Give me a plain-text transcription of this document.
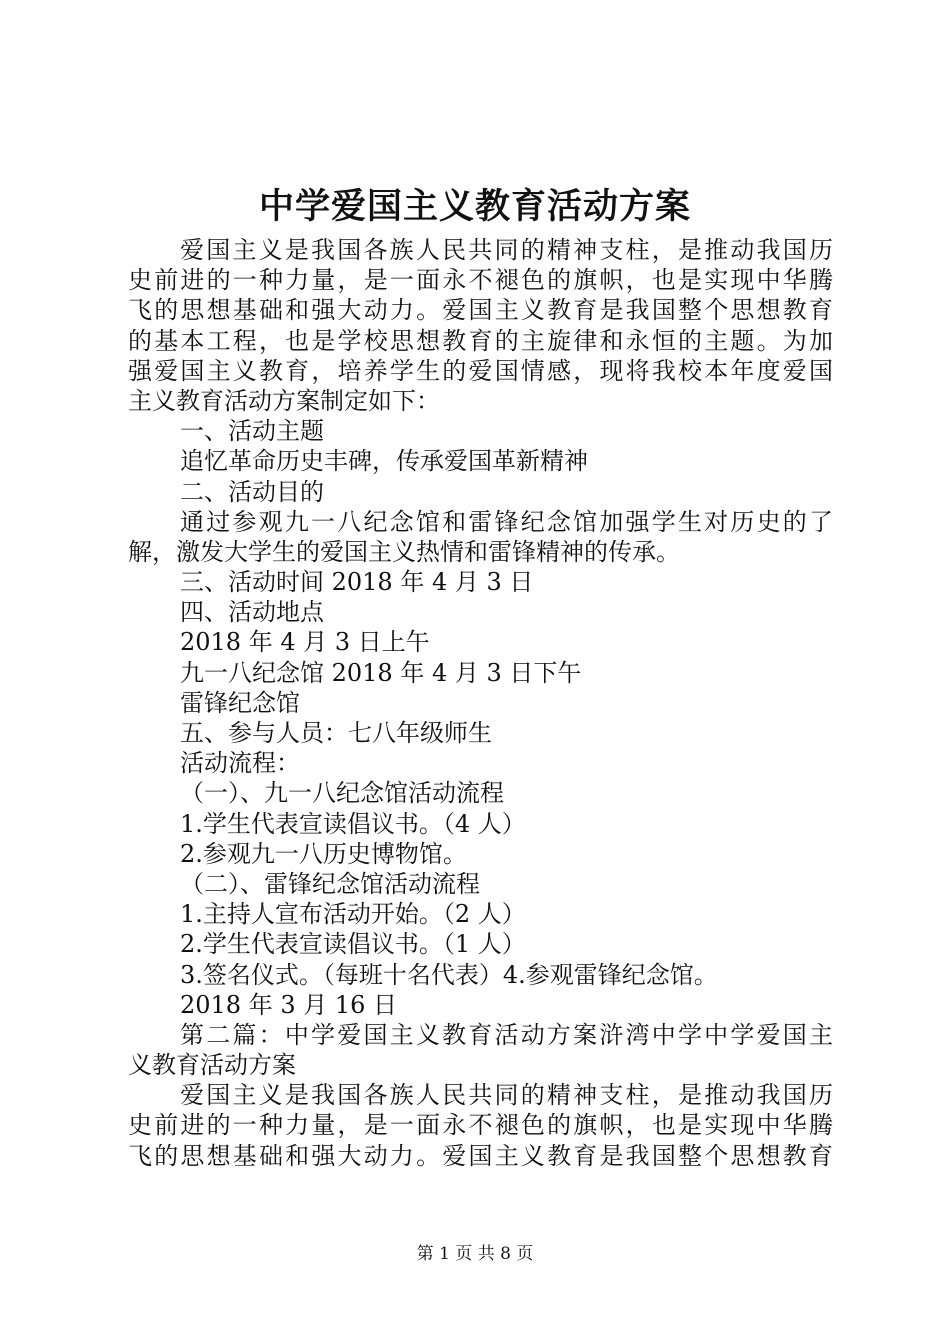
中学爱国主义教育活动方案
爱国主义是我国各族人民共同的精神支柱，是推动我国历
史前进的一种力量，是一面永不褪色的旗帜，也是实现中华腾
飞的思想基础和强大动力。爱国主义教育是我国整个思想教育
的基本工程，也是学校思想教育的主旋律和永恒的主题。为加
强爱国主义教育，培养学生的爱国情感，现将我校本年度爱国
主义教育活动方案制定如下：
一、活动主题
追忆革命历史丰碑，传承爱国革新精神
二、活动目的
通过参观九一八纪念馆和雷锋纪念馆加强学生对历史的了
解，激发大学生的爱国主义热情和雷锋精神的传承。
三、活动时间 2018 年 4 月 3 日
四、活动地点
2018 年 4 月 3 日上午
九一八纪念馆 2018 年 4 月 3 日下午
雷锋纪念馆
五、参与人员：七八年级师生
活动流程：
（一）、九一八纪念馆活动流程
1.学生代表宣读倡议书。（4 人）
2.参观九一八历史博物馆。
（二）、雷锋纪念馆活动流程
1.主持人宣布活动开始。（2 人）
2.学生代表宣读倡议书。（1 人）
3.签名仪式。（每班十名代表）4.参观雷锋纪念馆。
2018 年 3 月 16 日
第二篇：中学爱国主义教育活动方案浒湾中学中学爱国主
义教育活动方案
爱国主义是我国各族人民共同的精神支柱，是推动我国历
史前进的一种力量，是一面永不褪色的旗帜，也是实现中华腾
飞的思想基础和强大动力。爱国主义教育是我国整个思想教育
第 1 页 共 8 页
